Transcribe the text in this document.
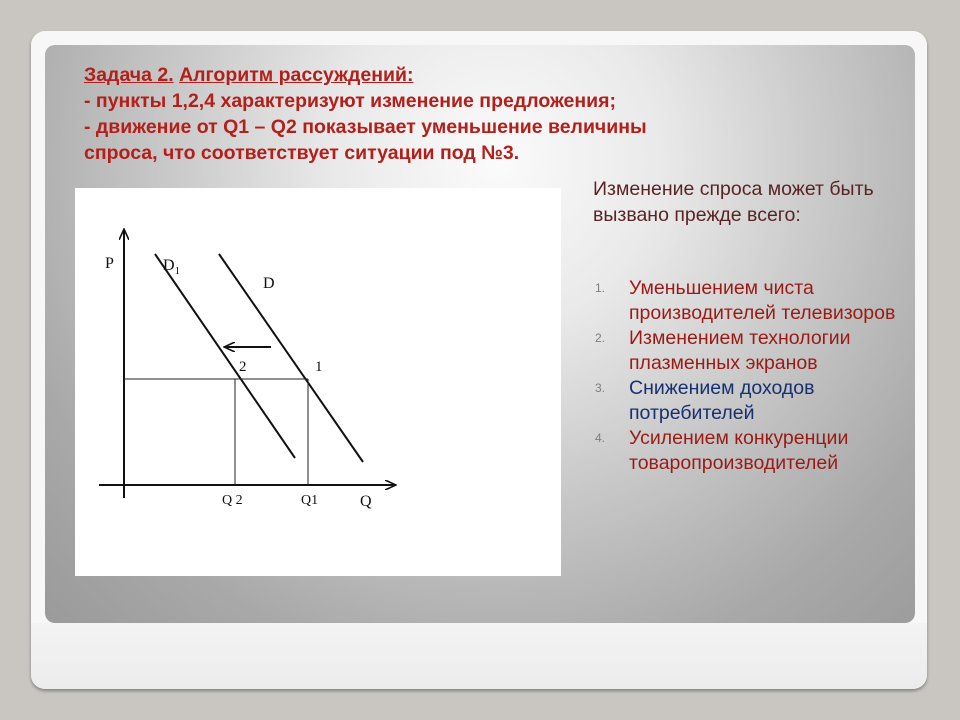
Задача 2. Алгоритм рассуждений:
- пункты 1,2,4 характеризуют изменение предложения;
- движение от Q1 – Q2 показывает уменьшение величины
спроса, что соответствует ситуации под №3.
P
Q
$D_1$
D
1
2
Q1
Q 2
Изменение спроса может быть вызвано прежде всего:
1.	Уменьшением чиста производителей телевизоров
2.	Изменением технологии плазменных экранов
3.	Снижением доходов потребителей
4.	Усилением конкуренции товаропроизводителей
